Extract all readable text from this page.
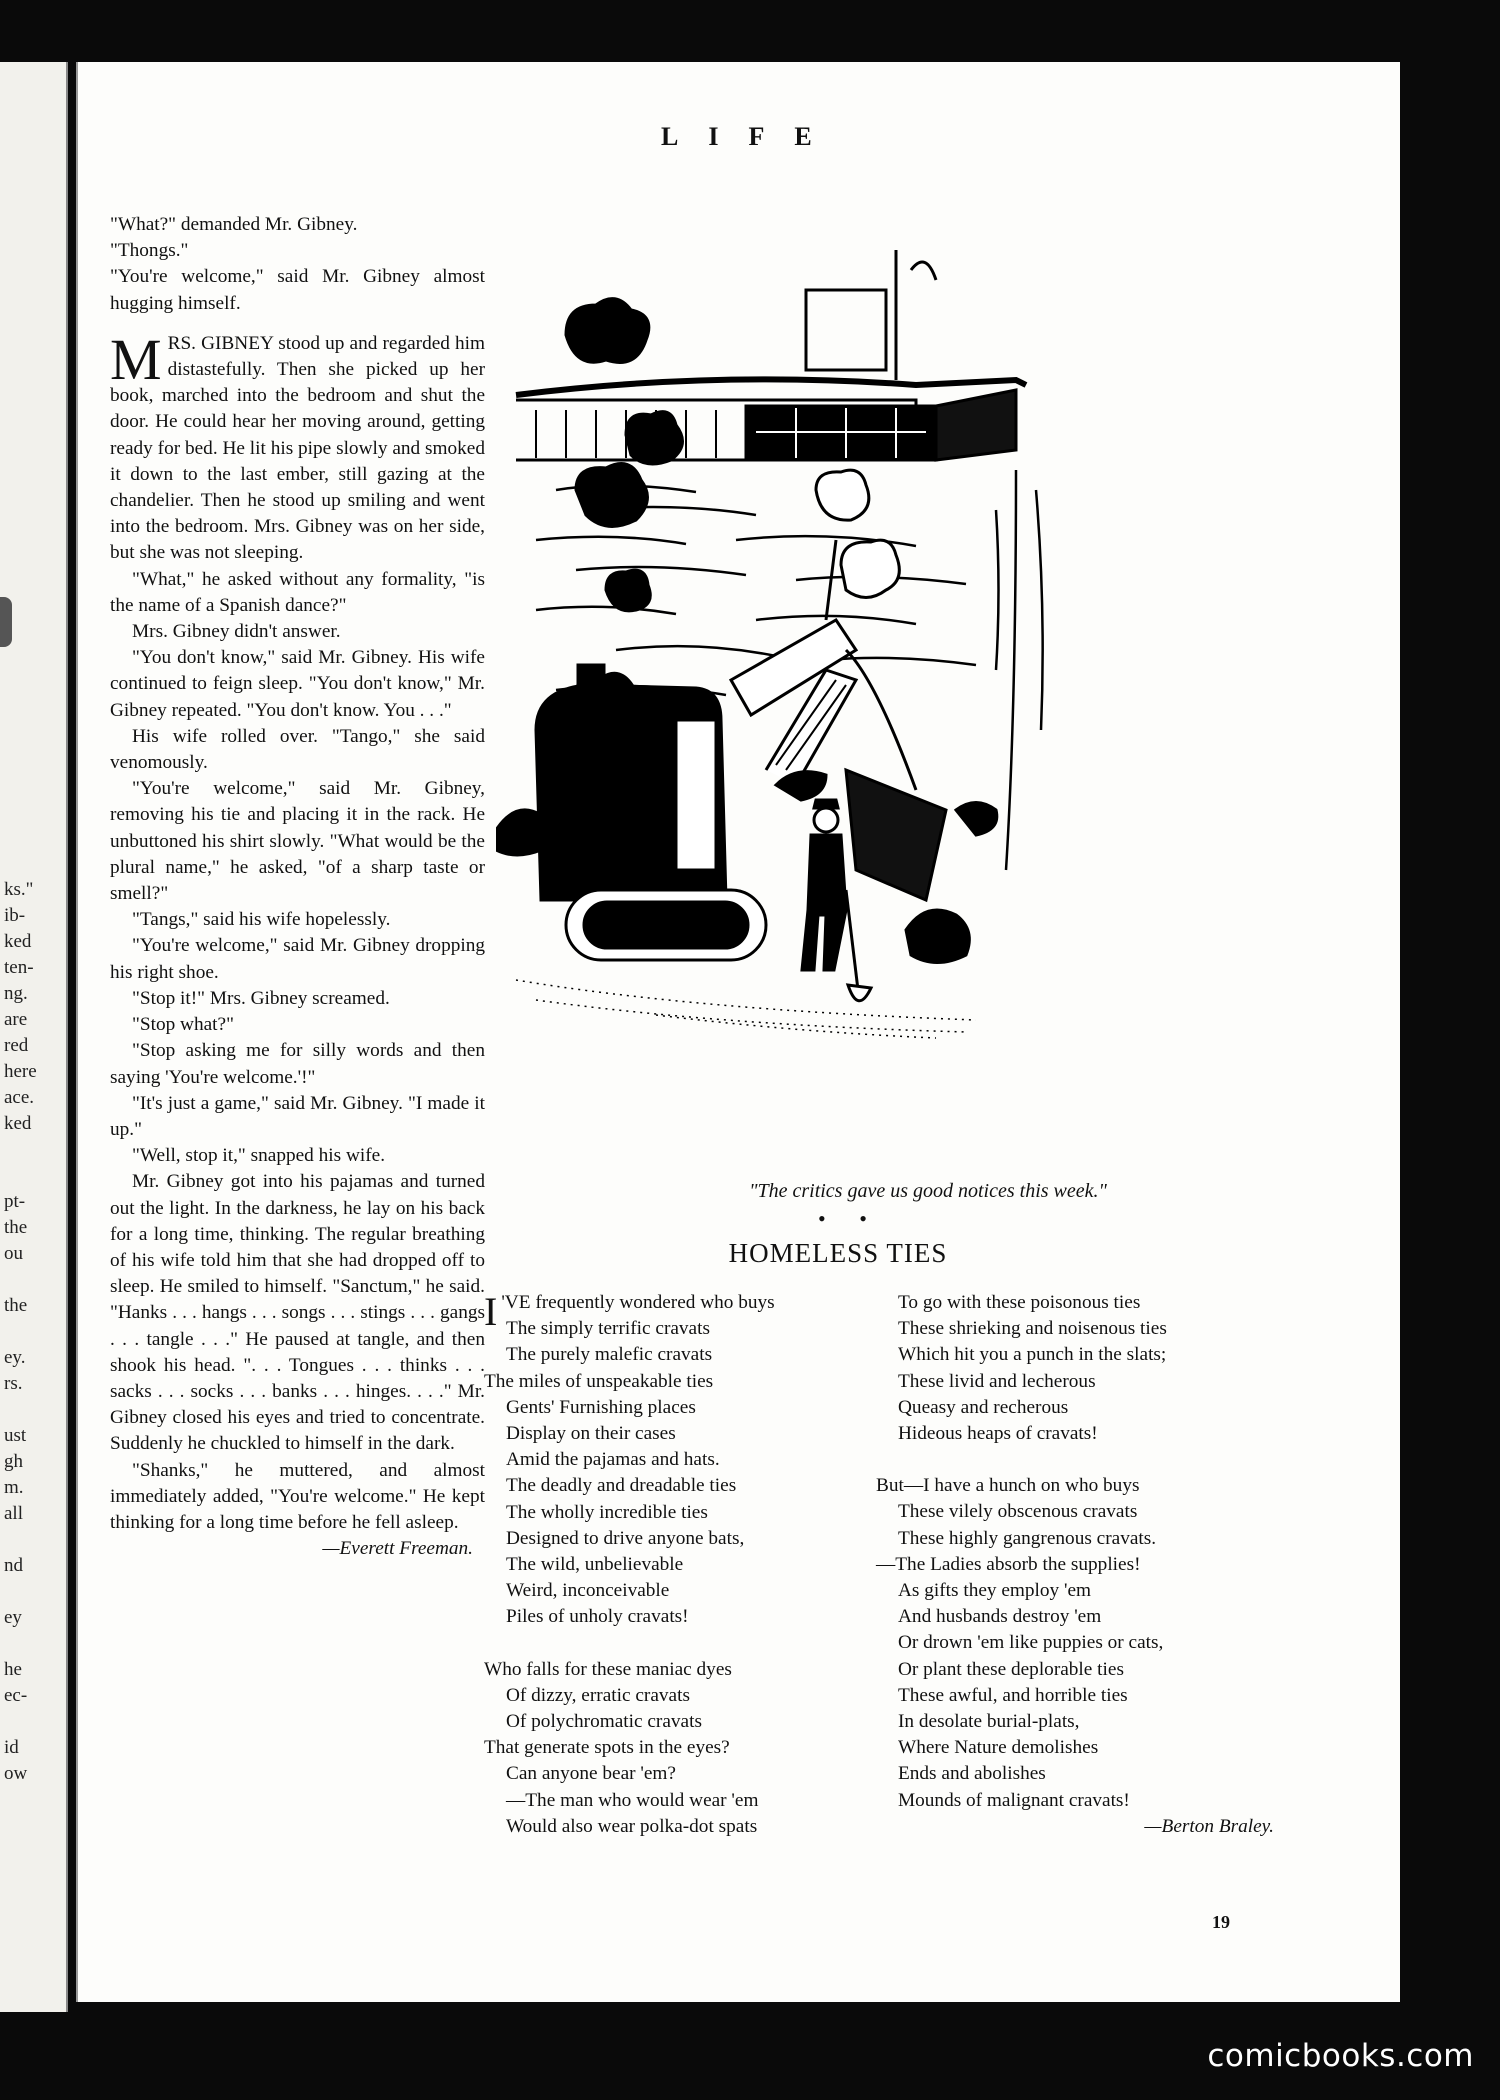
ks."
ib-
ked
ten-
ng.
are
red
here
ace.
ked
pt-
the
ou
the
ey.
rs.
ust
gh
m.
all
nd
ey
he
ec-
id
ow
LIFE

"What?" demanded Mr. Gibney.

"Thongs."

"You're welcome," said Mr. Gibney almost hugging himself.

MRS. GIBNEY stood up and regarded him distastefully. Then she picked up her book, marched into the bedroom and shut the door. He could hear her moving around, getting ready for bed. He lit his pipe slowly and smoked it down to the last ember, still gazing at the chandelier. Then he stood up smiling and went into the bedroom. Mrs. Gibney was on her side, but she was not sleeping.

"What," he asked without any formality, "is the name of a Spanish dance?"

Mrs. Gibney didn't answer.

"You don't know," said Mr. Gibney. His wife continued to feign sleep. "You don't know," Mr. Gibney repeated. "You don't know. You . . ."

His wife rolled over. "Tango," she said venomously.

"You're welcome," said Mr. Gibney, removing his tie and placing it in the rack. He unbuttoned his shirt slowly. "What would be the plural name," he asked, "of a sharp taste or smell?"

"Tangs," said his wife hopelessly.

"You're welcome," said Mr. Gibney dropping his right shoe.

"Stop it!" Mrs. Gibney screamed.

"Stop what?"

"Stop asking me for silly words and then saying 'You're welcome.'!"

"It's just a game," said Mr. Gibney. "I made it up."

"Well, stop it," snapped his wife.

Mr. Gibney got into his pajamas and turned out the light. In the darkness, he lay on his back for a long time, thinking. The regular breathing of his wife told him that she had dropped off to sleep. He smiled to himself. "Sanctum," he said. "Hanks . . . hangs . . . songs . . . stings . . . gangs . . . tangle . . ." He paused at tangle, and then shook his head. ". . . Tongues . . . thinks . . . sacks . . . socks . . . banks . . . hinges. . . ." Mr. Gibney closed his eyes and tried to concentrate. Suddenly he chuckled to himself in the dark.

"Shanks," he muttered, and almost immediately added, "You're welcome." He kept thinking for a long time before he fell asleep.

—Everett Freeman.

"The critics gave us good notices this week."
• •
HOMELESS TIES
I 'VE frequently wondered who buys
The simply terrific cravats
The purely malefic cravats
The miles of unspeakable ties
Gents' Furnishing places
Display on their cases
Amid the pajamas and hats.
The deadly and dreadable ties
The wholly incredible ties
Designed to drive anyone bats,
The wild, unbelievable
Weird, inconceivable
Piles of unholy cravats!
Who falls for these maniac dyes
Of dizzy, erratic cravats
Of polychromatic cravats
That generate spots in the eyes?
Can anyone bear 'em?
—The man who would wear 'em
Would also wear polka-dot spats
To go with these poisonous ties
These shrieking and noisenous ties
Which hit you a punch in the slats;
These livid and lecherous
Queasy and recherous
Hideous heaps of cravats!
But—I have a hunch on who buys
These vilely obscenous cravats
These highly gangrenous cravats.
—The Ladies absorb the supplies!
As gifts they employ 'em
And husbands destroy 'em
Or drown 'em like puppies or cats,
Or plant these deplorable ties
These awful, and horrible ties
In desolate burial-plats,
Where Nature demolishes
Ends and abolishes
Mounds of malignant cravats!
—Berton Braley.
19
comicbooks.com
